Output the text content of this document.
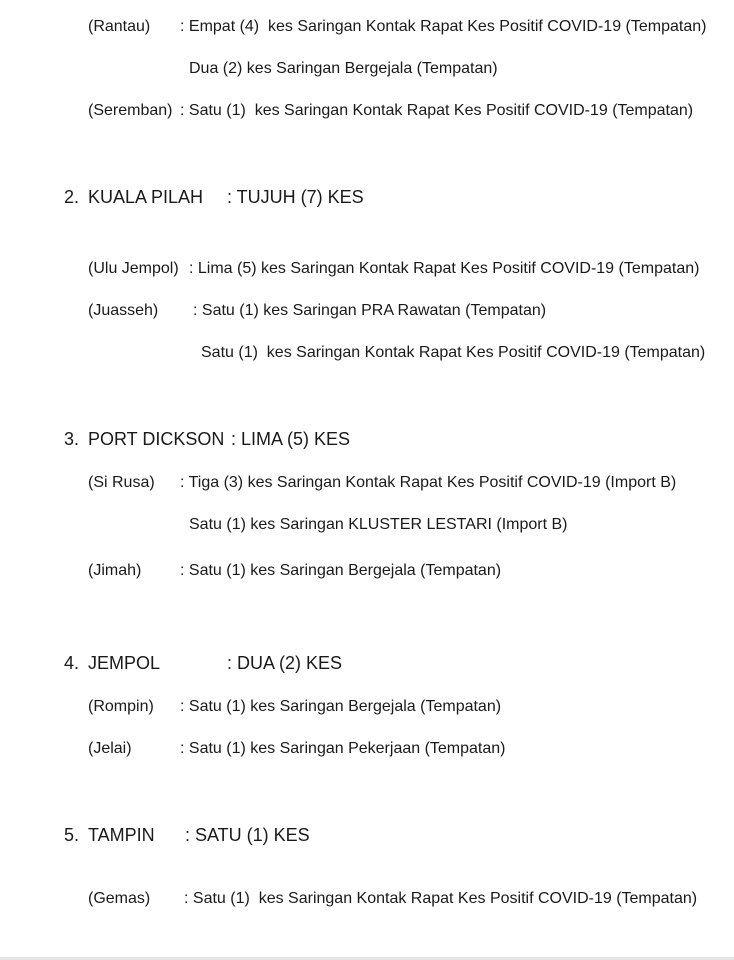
(Rantau) : Empat (4)  kes Saringan Kontak Rapat Kes Positif COVID-19 (Tempatan)
Dua (2) kes Saringan Bergejala (Tempatan)
(Seremban) : Satu (1)  kes Saringan Kontak Rapat Kes Positif COVID-19 (Tempatan)
2. KUALA PILAH : TUJUH (7) KES
(Ulu Jempol) : Lima (5) kes Saringan Kontak Rapat Kes Positif COVID-19 (Tempatan)
(Juasseh) : Satu (1) kes Saringan PRA Rawatan (Tempatan)
Satu (1)  kes Saringan Kontak Rapat Kes Positif COVID-19 (Tempatan)
3. PORT DICKSON : LIMA (5) KES
(Si Rusa) : Tiga (3) kes Saringan Kontak Rapat Kes Positif COVID-19 (Import B)
Satu (1) kes Saringan KLUSTER LESTARI (Import B)
(Jimah) : Satu (1) kes Saringan Bergejala (Tempatan)
4. JEMPOL	: DUA (2) KES
(Rompin) : Satu (1) kes Saringan Bergejala (Tempatan)
(Jelai)	: Satu (1) kes Saringan Pekerjaan (Tempatan)
5. TAMPIN : SATU (1) KES
(Gemas) : Satu (1)  kes Saringan Kontak Rapat Kes Positif COVID-19 (Tempatan)
